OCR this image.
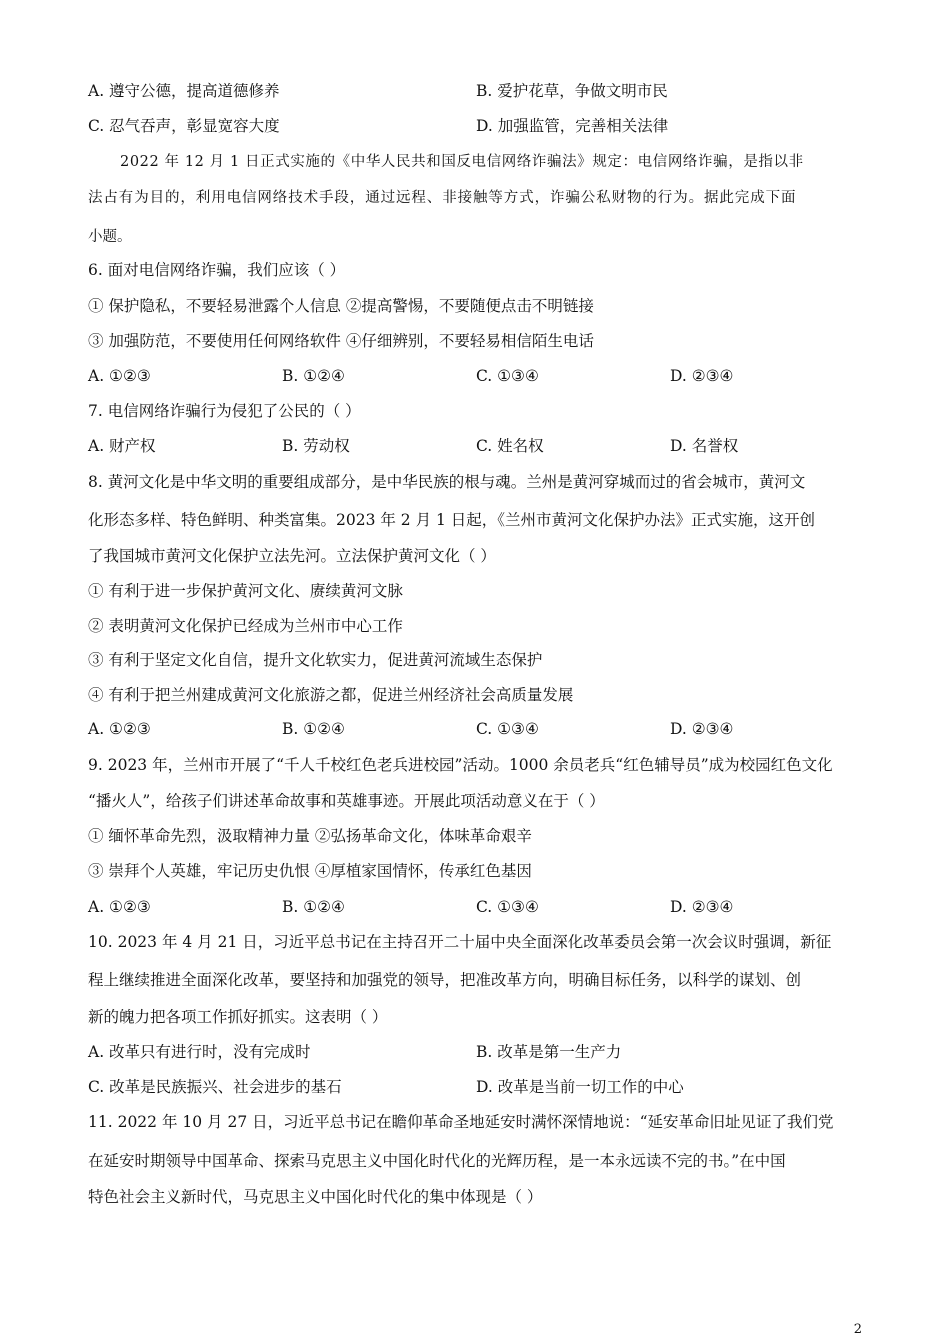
A. 遵守公德，提高道德修养	B. 爱护花草，争做文明市民
C. 忍气吞声，彰显宽容大度	D. 加强监管，完善相关法律
2022 年 12 月 1 日正式实施的《中华人民共和国反电信网络诈骗法》规定：电信网络诈骗，是指以非
法占有为目的，利用电信网络技术手段，通过远程、非接触等方式，诈骗公私财物的行为。据此完成下面
小题。
6. 面对电信网络诈骗，我们应该（ ）
① 保护隐私，不要轻易泄露个人信息 ②提高警惕，不要随便点击不明链接
③ 加强防范，不要使用任何网络软件 ④仔细辨别，不要轻易相信陌生电话
A. ①②③	B. ①②④	C. ①③④	D. ②③④
7. 电信网络诈骗行为侵犯了公民的（ ）
A. 财产权	B. 劳动权	C. 姓名权	D. 名誉权
8. 黄河文化是中华文明的重要组成部分，是中华民族的根与魂。兰州是黄河穿城而过的省会城市，黄河文
化形态多样、特色鲜明、种类富集。2023 年 2 月 1 日起，《兰州市黄河文化保护办法》正式实施，这开创
了我国城市黄河文化保护立法先河。立法保护黄河文化（ ）
① 有利于进一步保护黄河文化、赓续黄河文脉
② 表明黄河文化保护已经成为兰州市中心工作
③ 有利于坚定文化自信，提升文化软实力，促进黄河流域生态保护
④ 有利于把兰州建成黄河文化旅游之都，促进兰州经济社会高质量发展
A. ①②③	B. ①②④	C. ①③④	D. ②③④
9. 2023 年，兰州市开展了“千人千校红色老兵进校园”活动。1000 余员老兵“红色辅导员”成为校园红色文化
“播火人”，给孩子们讲述革命故事和英雄事迹。开展此项活动意义在于（ ）
① 缅怀革命先烈，汲取精神力量 ②弘扬革命文化，体味革命艰辛
③ 崇拜个人英雄，牢记历史仇恨 ④厚植家国情怀，传承红色基因
A. ①②③	B. ①②④	C. ①③④	D. ②③④
10. 2023 年 4 月 21 日，习近平总书记在主持召开二十届中央全面深化改革委员会第一次会议时强调，新征
程上继续推进全面深化改革，要坚持和加强党的领导，把准改革方向，明确目标任务，以科学的谋划、创
新的魄力把各项工作抓好抓实。这表明（ ）
A. 改革只有进行时，没有完成时	B. 改革是第一生产力
C. 改革是民族振兴、社会进步的基石	D. 改革是当前一切工作的中心
11. 2022 年 10 月 27 日，习近平总书记在瞻仰革命圣地延安时满怀深情地说：“延安革命旧址见证了我们党
在延安时期领导中国革命、探索马克思主义中国化时代化的光辉历程，是一本永远读不完的书。”在中国
特色社会主义新时代，马克思主义中国化时代化的集中体现是（ ）
2
